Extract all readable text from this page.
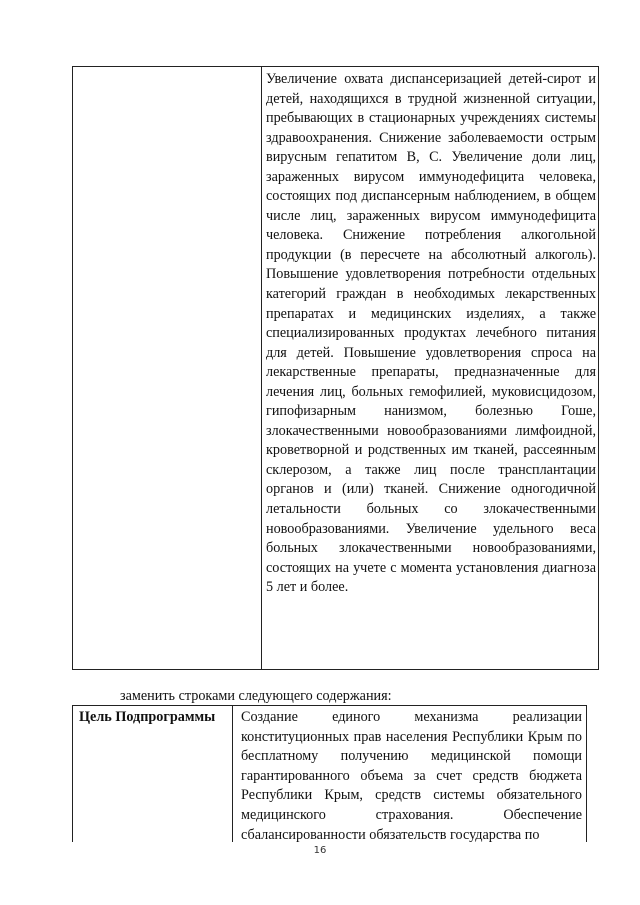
Увеличение охвата диспансеризацией детей-сирот и детей, находящихся в трудной жизненной ситуации, пребывающих в стационарных учреждениях системы здравоохранения. Снижение заболеваемости острым вирусным гепатитом В, С. Увеличение доли лиц, зараженных вирусом иммунодефицита человека, состоящих под диспансерным наблюдением, в общем числе лиц, зараженных вирусом иммунодефицита человека. Снижение потребления алкогольной продукции (в пересчете на абсолютный алкоголь). Повышение удовлетворения потребности отдельных категорий граждан в необходимых лекарственных препаратах и медицинских изделиях, а также специализированных продуктах лечебного питания для детей. Повышение удовлетворения спроса на лекарственные препараты, предназначенные для лечения лиц, больных гемофилией, муковисцидозом, гипофизарным нанизмом, болезнью Гоше, злокачественными новообразованиями лимфоидной, кроветворной и родственных им тканей, рассеянным склерозом, а также лиц после трансплантации органов и (или) тканей. Снижение одногодичной летальности больных со злокачественными новообразованиями. Увеличение удельного веса больных злокачественными новообразованиями, состоящих на учете с момента установления диагноза 5 лет и более.

заменить строками следующего содержания:
Цель Подпрограммы	Создание единого механизма реализации конституционных прав населения Республики Крым по бесплатному получению медицинской помощи гарантированного объема за счет средств бюджета Республики Крым, средств системы обязательного медицинского страхования. Обеспечение сбалансированности обязательств государства по

16
